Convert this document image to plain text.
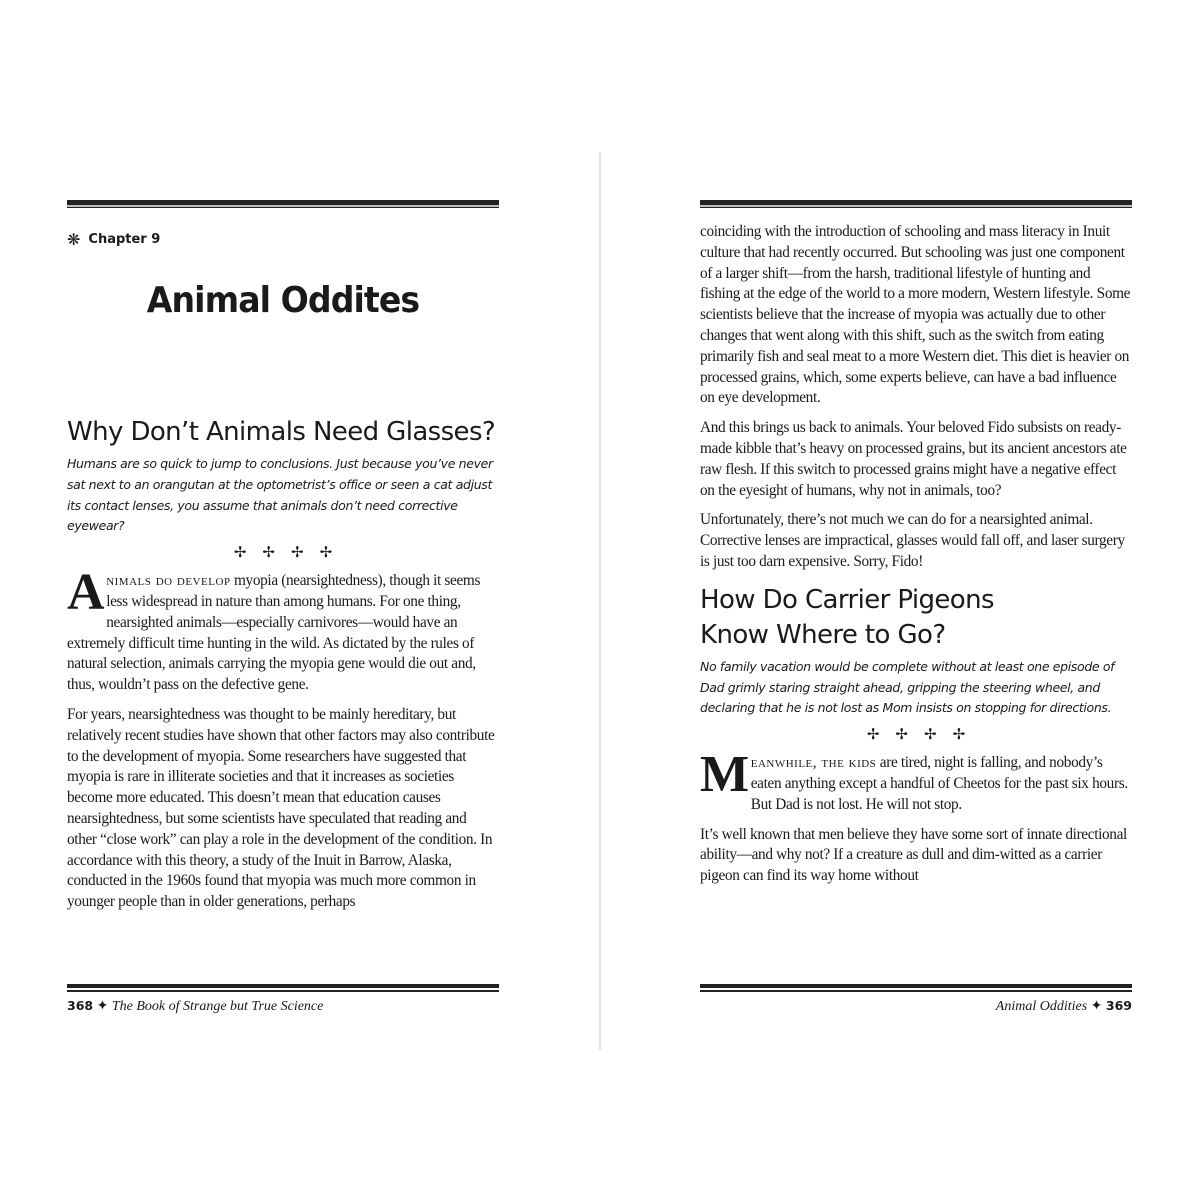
❋ Chapter 9
Animal Oddites
Why Don’t Animals Need Glasses?

Humans are so quick to jump to conclusions. Just because you’ve never sat next to an orangutan at the optometrist’s office or seen a cat adjust its contact lenses, you assume that animals don’t need corrective eyewear?

✢✢✢✢

Animals do develop myopia (nearsightedness), though it seems less widespread in nature than among humans. For one thing, nearsighted animals—especially carnivores—would have an extremely difficult time hunting in the wild. As dictated by the rules of natural selection, animals carrying the myopia gene would die out and, thus, wouldn’t pass on the defective gene.

For years, nearsightedness was thought to be mainly hereditary, but relatively recent studies have shown that other factors may also contribute to the development of myopia. Some researchers have suggested that myopia is rare in illiterate societies and that it increases as societies become more educated. This doesn’t mean that education causes nearsightedness, but some scientists have speculated that reading and other “close work” can play a role in the development of the condition. In accordance with this theory, a study of the Inuit in Barrow, Alaska, conducted in the 1960s found that myopia was much more common in younger people than in older generations, perhaps

368 ✦ The Book of Strange but True Science

coinciding with the introduction of schooling and mass literacy in Inuit culture that had recently occurred. But schooling was just one component of a larger shift—from the harsh, traditional lifestyle of hunting and fishing at the edge of the world to a more modern, Western lifestyle. Some scientists believe that the increase of myopia was actually due to other changes that went along with this shift, such as the switch from eating primarily fish and seal meat to a more Western diet. This diet is heavier on processed grains, which, some experts believe, can have a bad influence on eye development.

And this brings us back to animals. Your beloved Fido subsists on ready-made kibble that’s heavy on processed grains, but its ancient ancestors ate raw flesh. If this switch to processed grains might have a negative effect on the eyesight of humans, why not in animals, too?

Unfortunately, there’s not much we can do for a nearsighted animal. Corrective lenses are impractical, glasses would fall off, and laser surgery is just too darn expensive. Sorry, Fido!

How Do Carrier Pigeons
Know Where to Go?

No family vacation would be complete without at least one episode of Dad grimly staring straight ahead, gripping the steering wheel, and declaring that he is not lost as Mom insists on stopping for directions.

✢✢✢✢

Meanwhile, the kids are tired, night is falling, and nobody’s eaten anything except a handful of Cheetos for the past six hours. But Dad is not lost. He will not stop.

It’s well known that men believe they have some sort of innate directional ability—and why not? If a creature as dull and dim-witted as a carrier pigeon can find its way home without

Animal Oddities ✦ 369
